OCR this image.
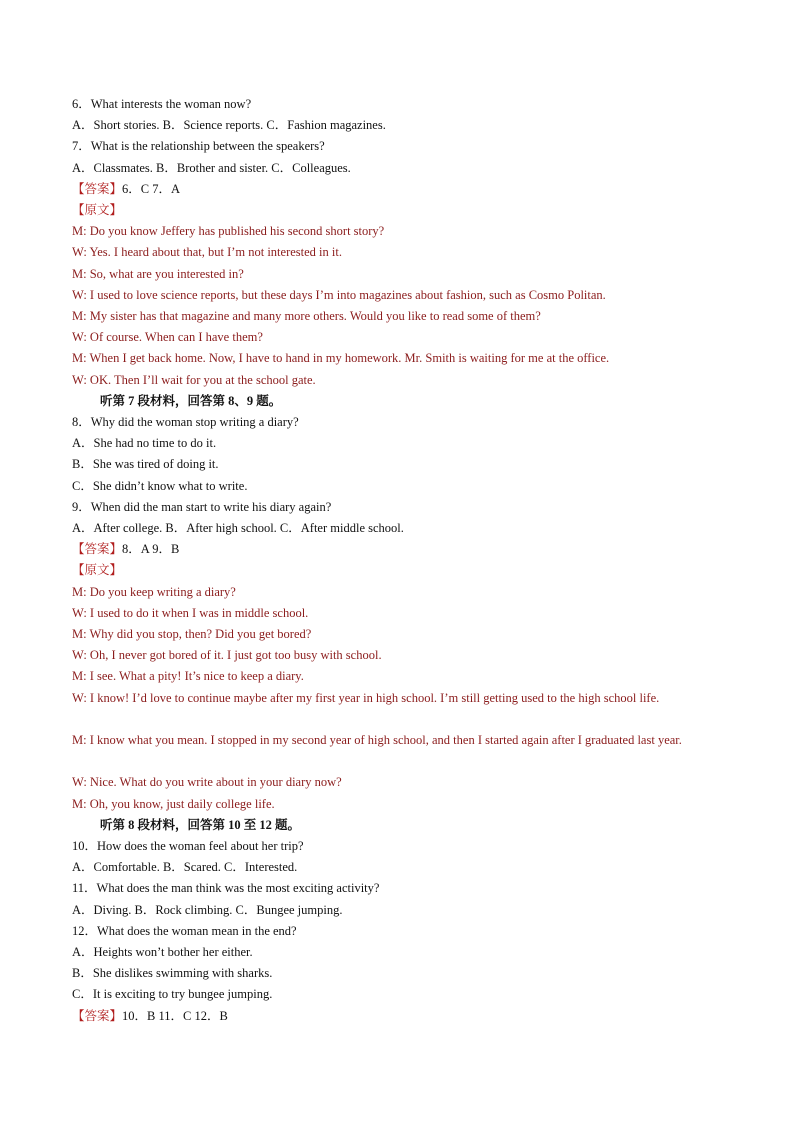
6．What interests the woman now?
A．Short stories. B．Science reports. C．Fashion magazines.
7．What is the relationship between the speakers?
A．Classmates. B．Brother and sister. C．Colleagues.
【答案】6．C 7．A
【原文】
M: Do you know Jeffery has published his second short story?
W: Yes. I heard about that, but I’m not interested in it.
M: So, what are you interested in?
W: I used to love science reports, but these days I’m into magazines about fashion, such as Cosmo Politan.
M: My sister has that magazine and many more others. Would you like to read some of them?
W: Of course. When can I have them?
M: When I get back home. Now, I have to hand in my homework. Mr. Smith is waiting for me at the office.
W: OK. Then I’ll wait for you at the school gate.
听第 7 段材料，回答第 8、9 题。
8．Why did the woman stop writing a diary?
A．She had no time to do it.
B．She was tired of doing it.
C．She didn’t know what to write.
9．When did the man start to write his diary again?
A．After college. B．After high school. C．After middle school.
【答案】8．A 9．B
【原文】
M: Do you keep writing a diary?
W: I used to do it when I was in middle school.
M: Why did you stop, then? Did you get bored?
W: Oh, I never got bored of it. I just got too busy with school.
M: I see. What a pity! It’s nice to keep a diary.
W: I know! I’d love to continue maybe after my first year in high school. I’m still getting used to the high school life.
M: I know what you mean. I stopped in my second year of high school, and then I started again after I graduated last year.
W: Nice. What do you write about in your diary now?
M: Oh, you know, just daily college life.
听第 8 段材料，回答第 10 至 12 题。
10．How does the woman feel about her trip?
A．Comfortable. B．Scared. C．Interested.
11．What does the man think was the most exciting activity?
A．Diving. B．Rock climbing. C．Bungee jumping.
12．What does the woman mean in the end?
A．Heights won’t bother her either.
B．She dislikes swimming with sharks.
C．It is exciting to try bungee jumping.
【答案】10．B 11．C 12．B
